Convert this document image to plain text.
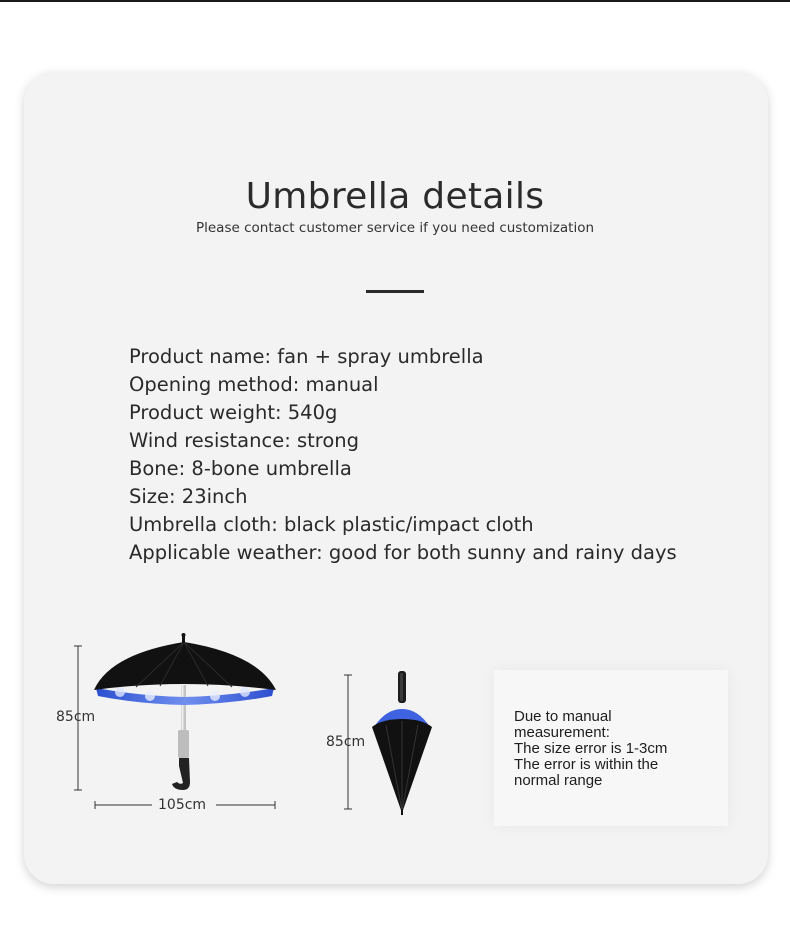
Umbrella details
Please contact customer service if you need customization
Product name: fan + spray umbrella
Opening method: manual
Product weight: 540g
Wind resistance: strong
Bone: 8-bone umbrella
Size: 23inch
Umbrella cloth: black plastic/impact cloth
Applicable weather: good for both sunny and rainy days
85cm
105cm
85cm
Due to manual
measurement:
The size error is 1-3cm
The error is within the
normal range
